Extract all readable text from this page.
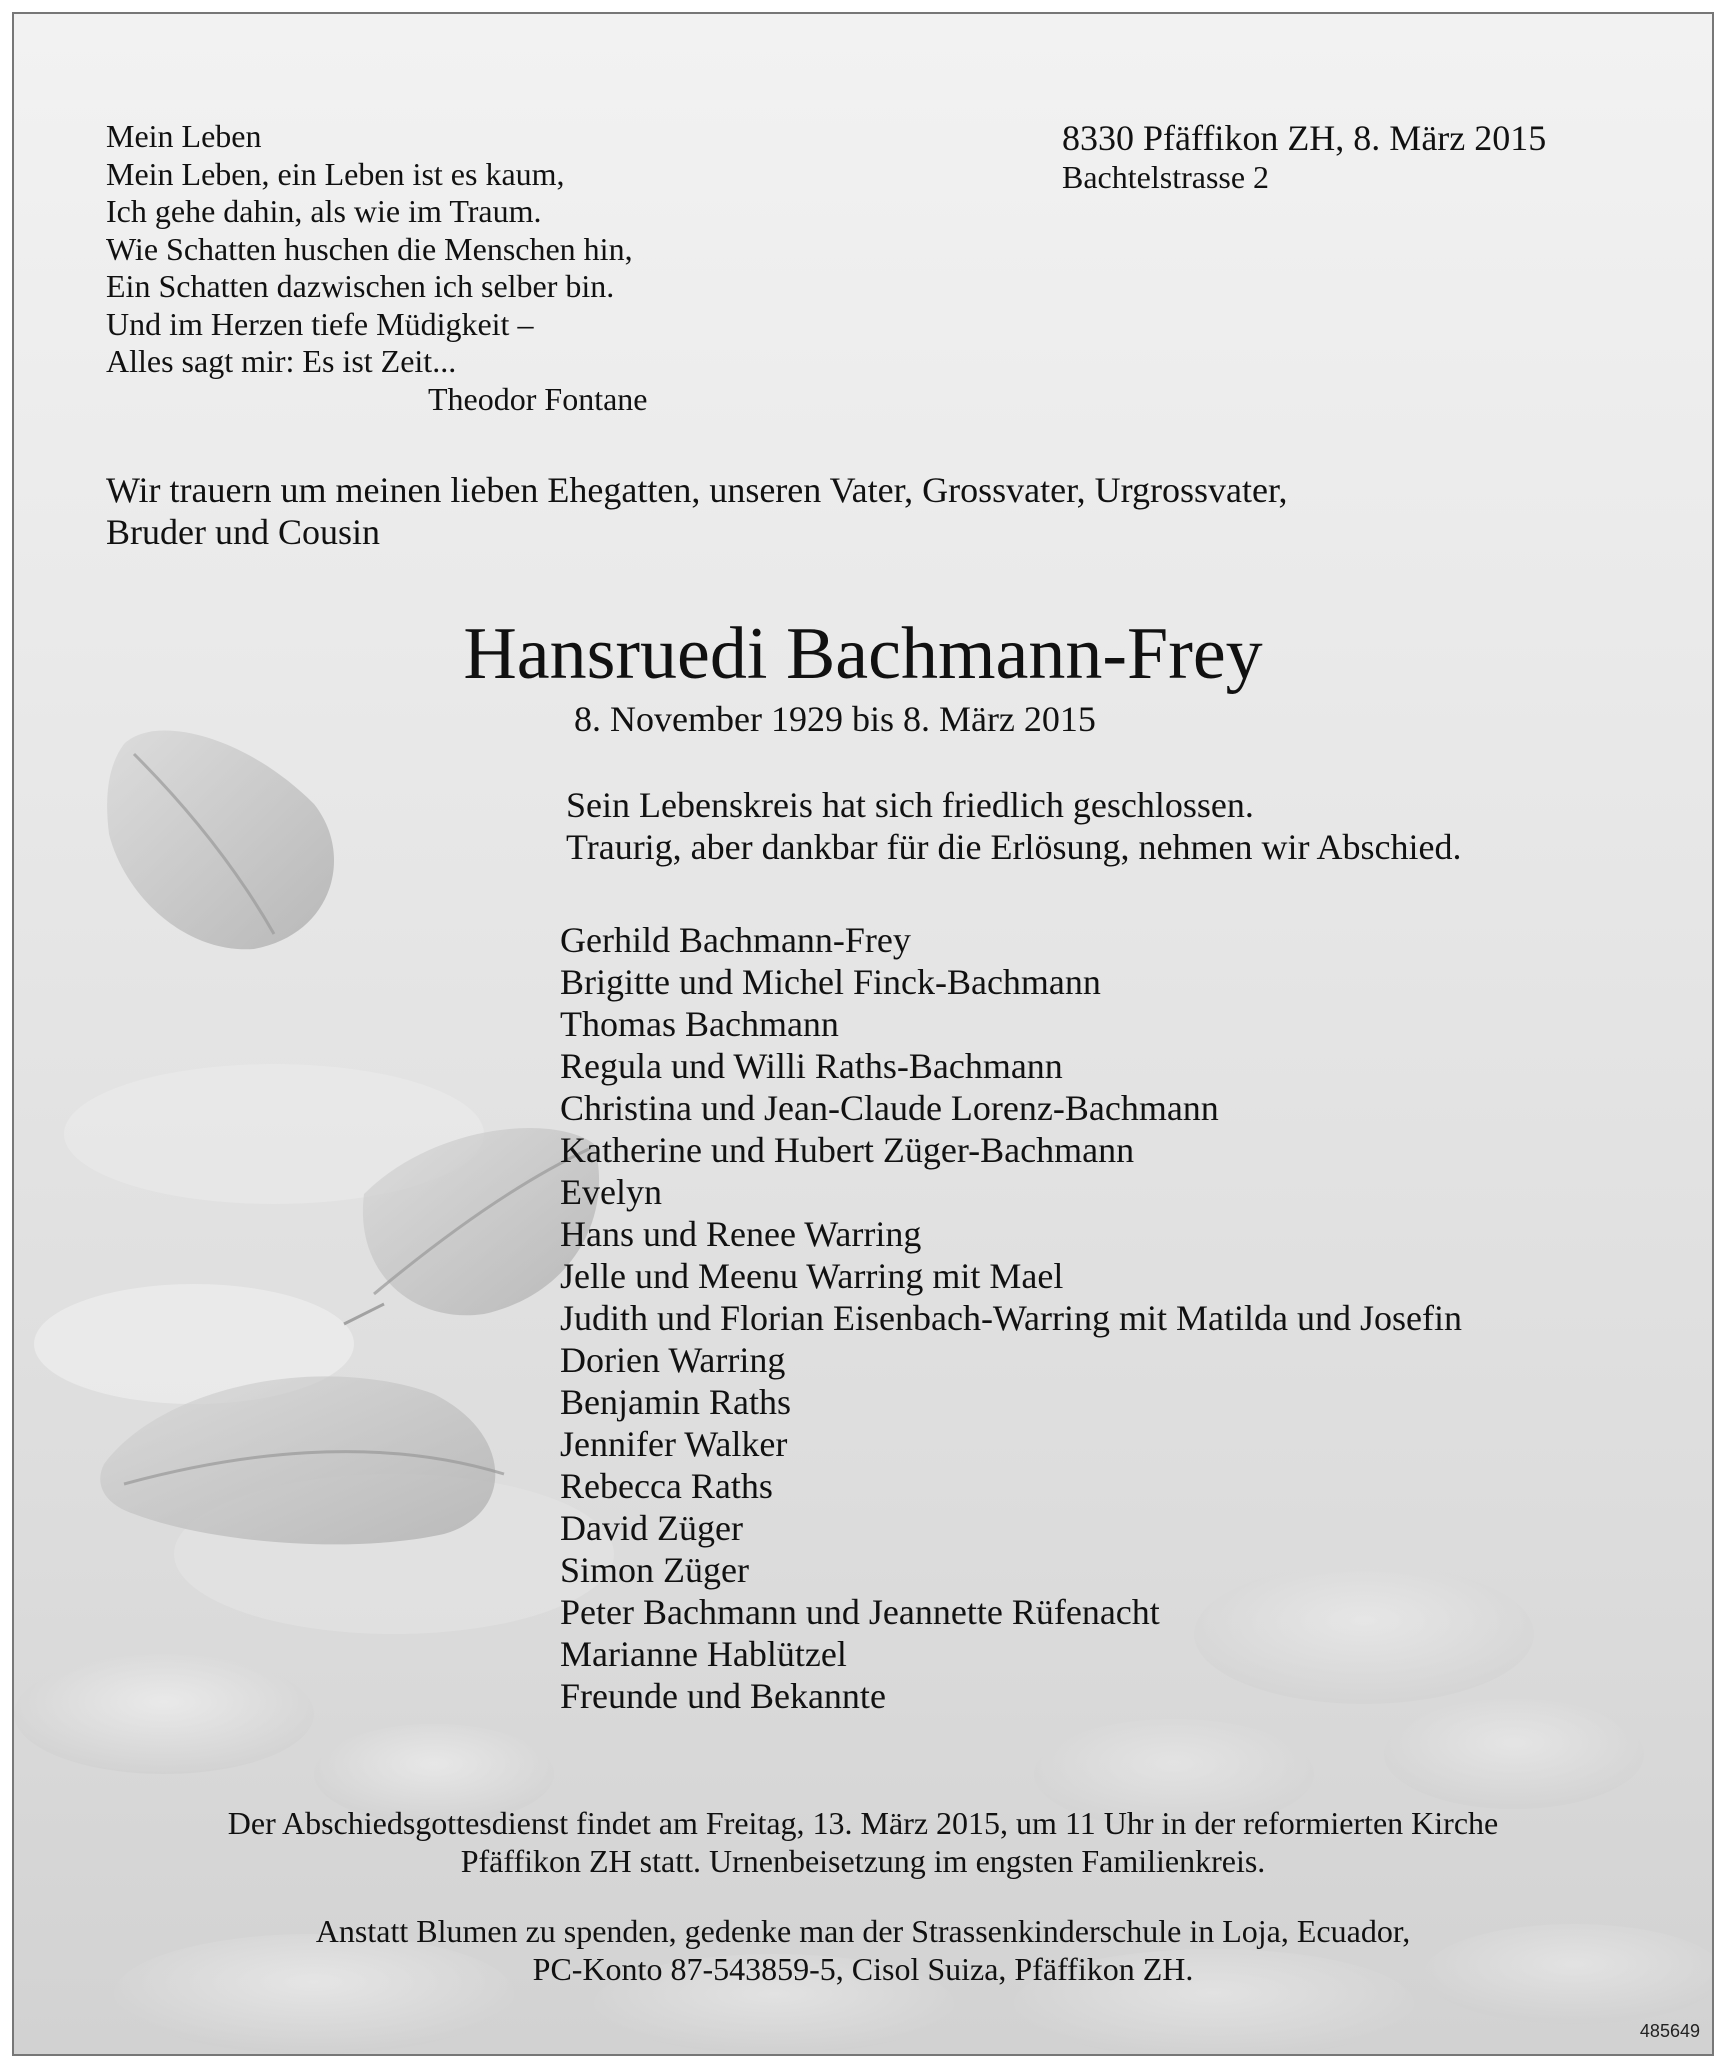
Mein Leben
Mein Leben, ein Leben ist es kaum,
Ich gehe dahin, als wie im Traum.
Wie Schatten huschen die Menschen hin,
Ein Schatten dazwischen ich selber bin.
Und im Herzen tiefe Müdigkeit –
Alles sagt mir: Es ist Zeit...
Theodor Fontane
8330 Pfäffikon ZH, 8. März 2015
Bachtelstrasse 2
Wir trauern um meinen lieben Ehegatten, unseren Vater, Grossvater, Urgrossvater,
Bruder und Cousin
Hansruedi Bachmann-Frey
8. November 1929 bis 8. März 2015
Sein Lebenskreis hat sich friedlich geschlossen.
Traurig, aber dankbar für die Erlösung, nehmen wir Abschied.
Gerhild Bachmann-Frey
Brigitte und Michel Finck-Bachmann
Thomas Bachmann
Regula und Willi Raths-Bachmann
Christina und Jean-Claude Lorenz-Bachmann
Katherine und Hubert Züger-Bachmann
Evelyn
Hans und Renee Warring
Jelle und Meenu Warring mit Mael
Judith und Florian Eisenbach-Warring mit Matilda und Josefin
Dorien Warring
Benjamin Raths
Jennifer Walker
Rebecca Raths
David Züger
Simon Züger
Peter Bachmann und Jeannette Rüfenacht
Marianne Hablützel
Freunde und Bekannte
Der Abschiedsgottesdienst findet am Freitag, 13. März 2015, um 11 Uhr in der reformierten Kirche
Pfäffikon ZH statt. Urnenbeisetzung im engsten Familienkreis.
Anstatt Blumen zu spenden, gedenke man der Strassenkinderschule in Loja, Ecuador,
PC-Konto 87-543859-5, Cisol Suiza, Pfäffikon ZH.
485649
